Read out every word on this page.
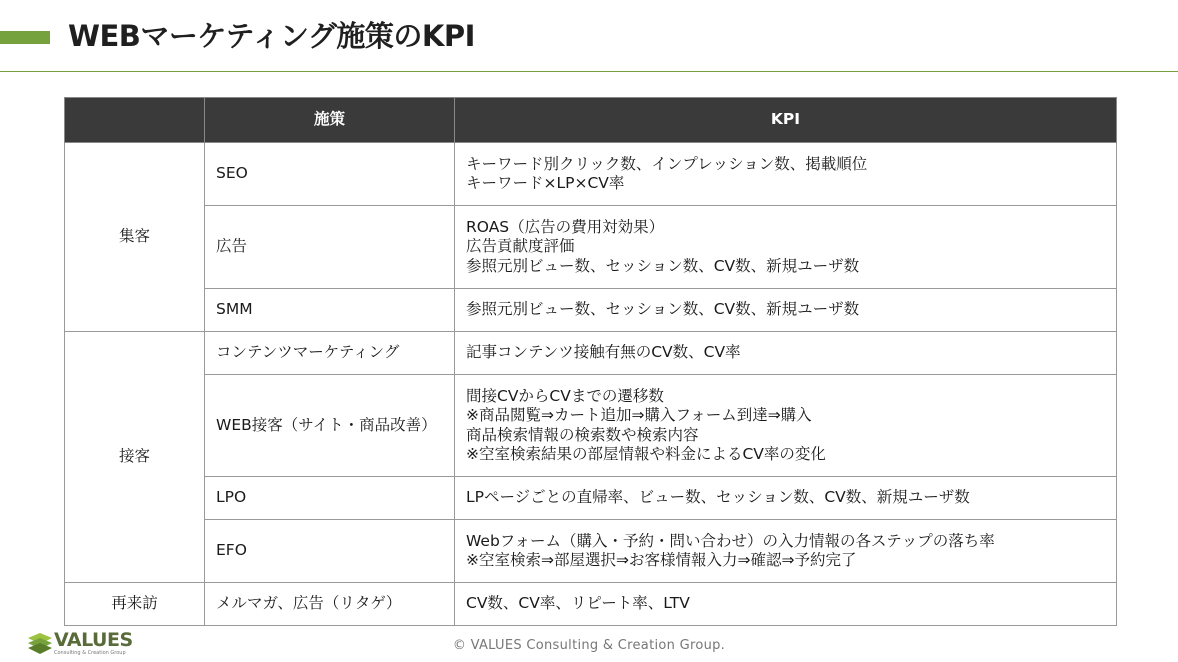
WEBマーケティング施策のKPI
	施策	KPI
集客	SEO	キーワード別クリック数、インプレッション数、掲載順位
キーワード×LP×CV率

	広告	ROAS（広告の費用対効果）
広告貢献度評価
参照元別ビュー数、セッション数、CV数、新規ユーザ数

	SMM	参照元別ビュー数、セッション数、CV数、新規ユーザ数

接客	コンテンツマーケティング	記事コンテンツ接触有無のCV数、CV率

	WEB接客（サイト・商品改善）	間接CVからCVまでの遷移数
※商品閲覧⇒カート追加⇒購入フォーム到達⇒購入
商品検索情報の検索数や検索内容
※空室検索結果の部屋情報や料金によるCV率の変化

	LPO	LPページごとの直帰率、ビュー数、セッション数、CV数、新規ユーザ数

	EFO	Webフォーム（購入・予約・問い合わせ）の入力情報の各ステップの落ち率
※空室検索⇒部屋選択⇒お客様情報入力⇒確認⇒予約完了

再来訪	メルマガ、広告（リタゲ）	CV数、CV率、リピート率、LTV
VALUES
Consulting & Creation Group	© VALUES Consulting & Creation Group.
